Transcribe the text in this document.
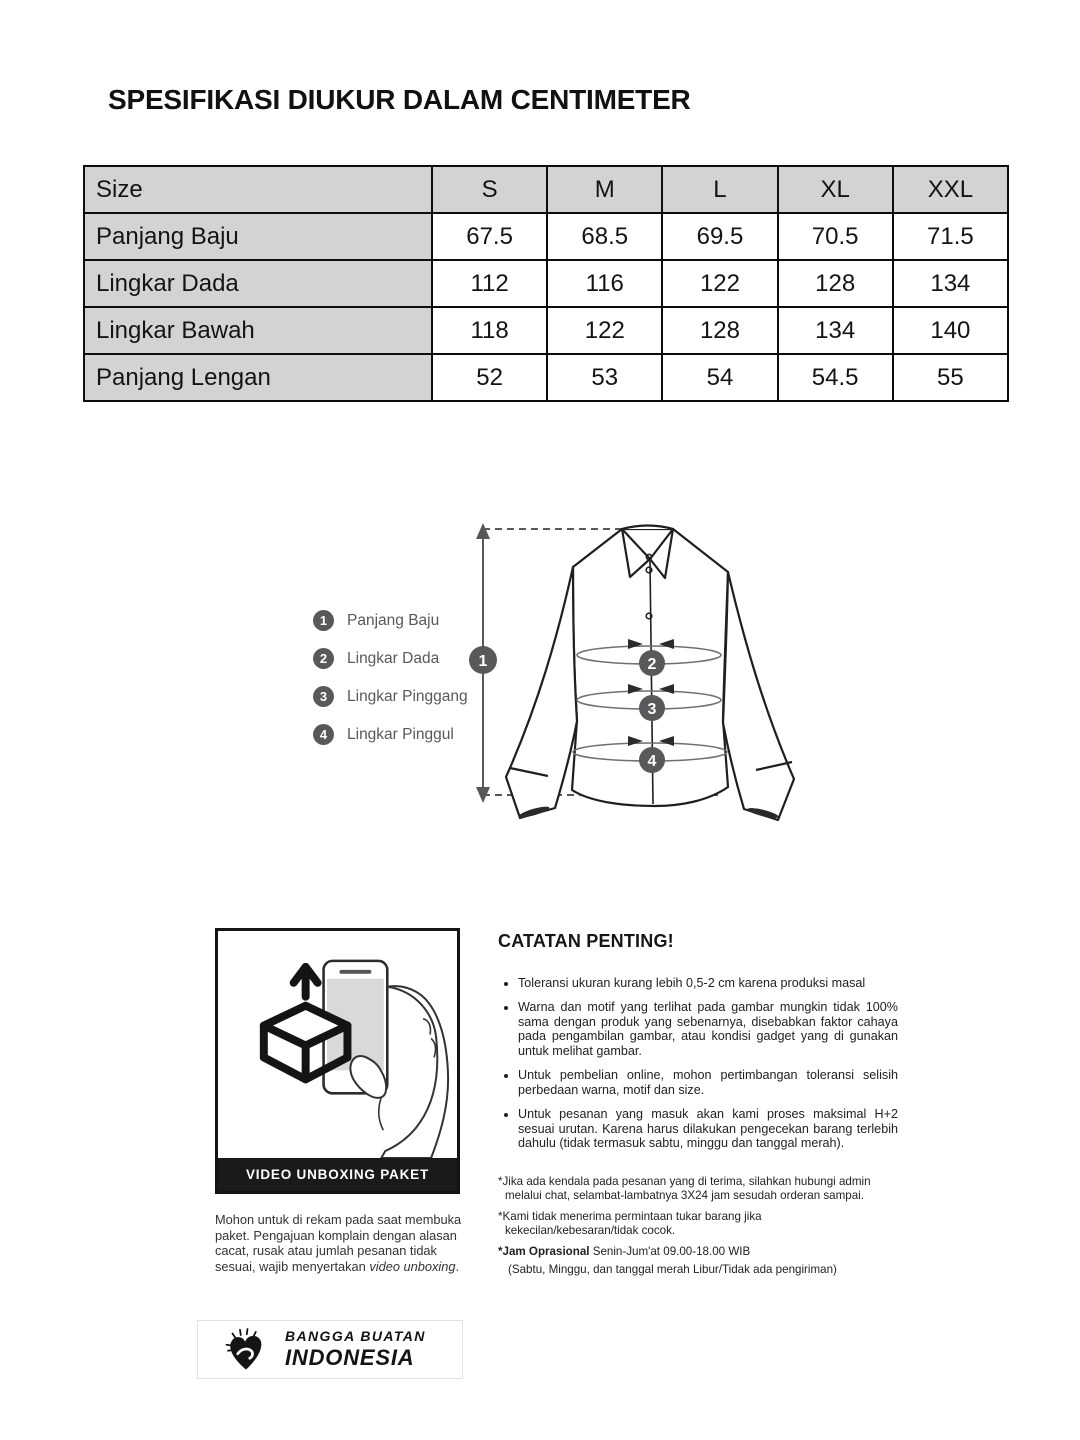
SPESIFIKASI DIUKUR DALAM CENTIMETER
Size	S	M	L	XL	XXL
Panjang Baju	67.5	68.5	69.5	70.5	71.5
Lingkar Dada	112	116	122	128	134
Lingkar Bawah	118	122	128	134	140
Panjang Lengan	52	53	54	54.5	55
1	Panjang Baju
2	Lingkar Dada
3	Lingkar Pinggang
4	Lingkar Pinggul
1	2
3
4
VIDEO UNBOXING PAKET

Mohon untuk di rekam pada saat membuka paket. Pengajuan komplain dengan alasan cacat, rusak atau jumlah pesanan tidak sesuai, wajib menyertakan video unboxing.

CATATAN PENTING!
• Toleransi ukuran kurang lebih 0,5-2 cm karena produksi masal
• Warna dan motif yang terlihat pada gambar mungkin tidak 100% sama dengan produk yang sebenarnya, disebabkan faktor cahaya pada pengambilan gambar, atau kondisi gadget yang di gunakan untuk melihat gambar.
• Untuk pembelian online, mohon pertimbangan toleransi selisih perbedaan warna, motif dan size.
• Untuk pesanan yang masuk akan kami proses maksimal H+2 sesuai urutan. Karena harus dilakukan pengecekan barang terlebih dahulu (tidak termasuk sabtu, minggu dan tanggal merah).

*Jika ada kendala pada pesanan yang di terima, silahkan hubungi admin melalui chat, selambat-lambatnya 3X24 jam sesudah orderan sampai.

*Kami tidak menerima permintaan tukar barang jika kekecilan/kebesaran/tidak cocok.

*Jam Oprasional Senin-Jum'at 09.00-18.00 WIB

(Sabtu, Minggu, dan tanggal merah Libur/Tidak ada pengiriman)

BANGGA BUATAN
INDONESIA
